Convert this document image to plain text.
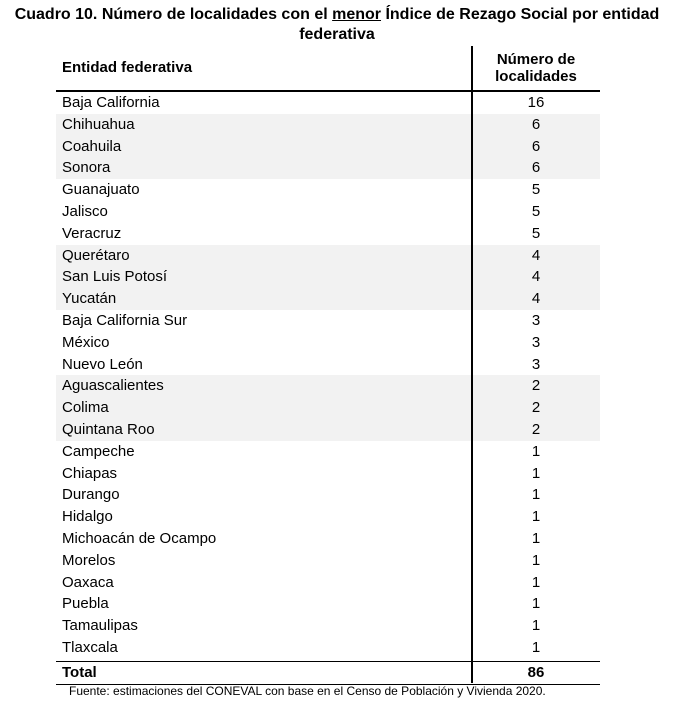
Cuadro 10. Número de localidades con el menor Índice de Rezago Social por entidad
federativa
Entidad federativa	Número de
localidades
Baja California	16
Chihuahua	6
Coahuila	6
Sonora	6
Guanajuato	5
Jalisco	5
Veracruz	5
Querétaro	4
San Luis Potosí	4
Yucatán	4
Baja California Sur	3
México	3
Nuevo León	3
Aguascalientes	2
Colima	2
Quintana Roo	2
Campeche	1
Chiapas	1
Durango	1
Hidalgo	1
Michoacán de Ocampo	1
Morelos	1
Oaxaca	1
Puebla	1
Tamaulipas	1
Tlaxcala	1
Total	86
Fuente: estimaciones del CONEVAL con base en el Censo de Población y Vivienda 2020.
